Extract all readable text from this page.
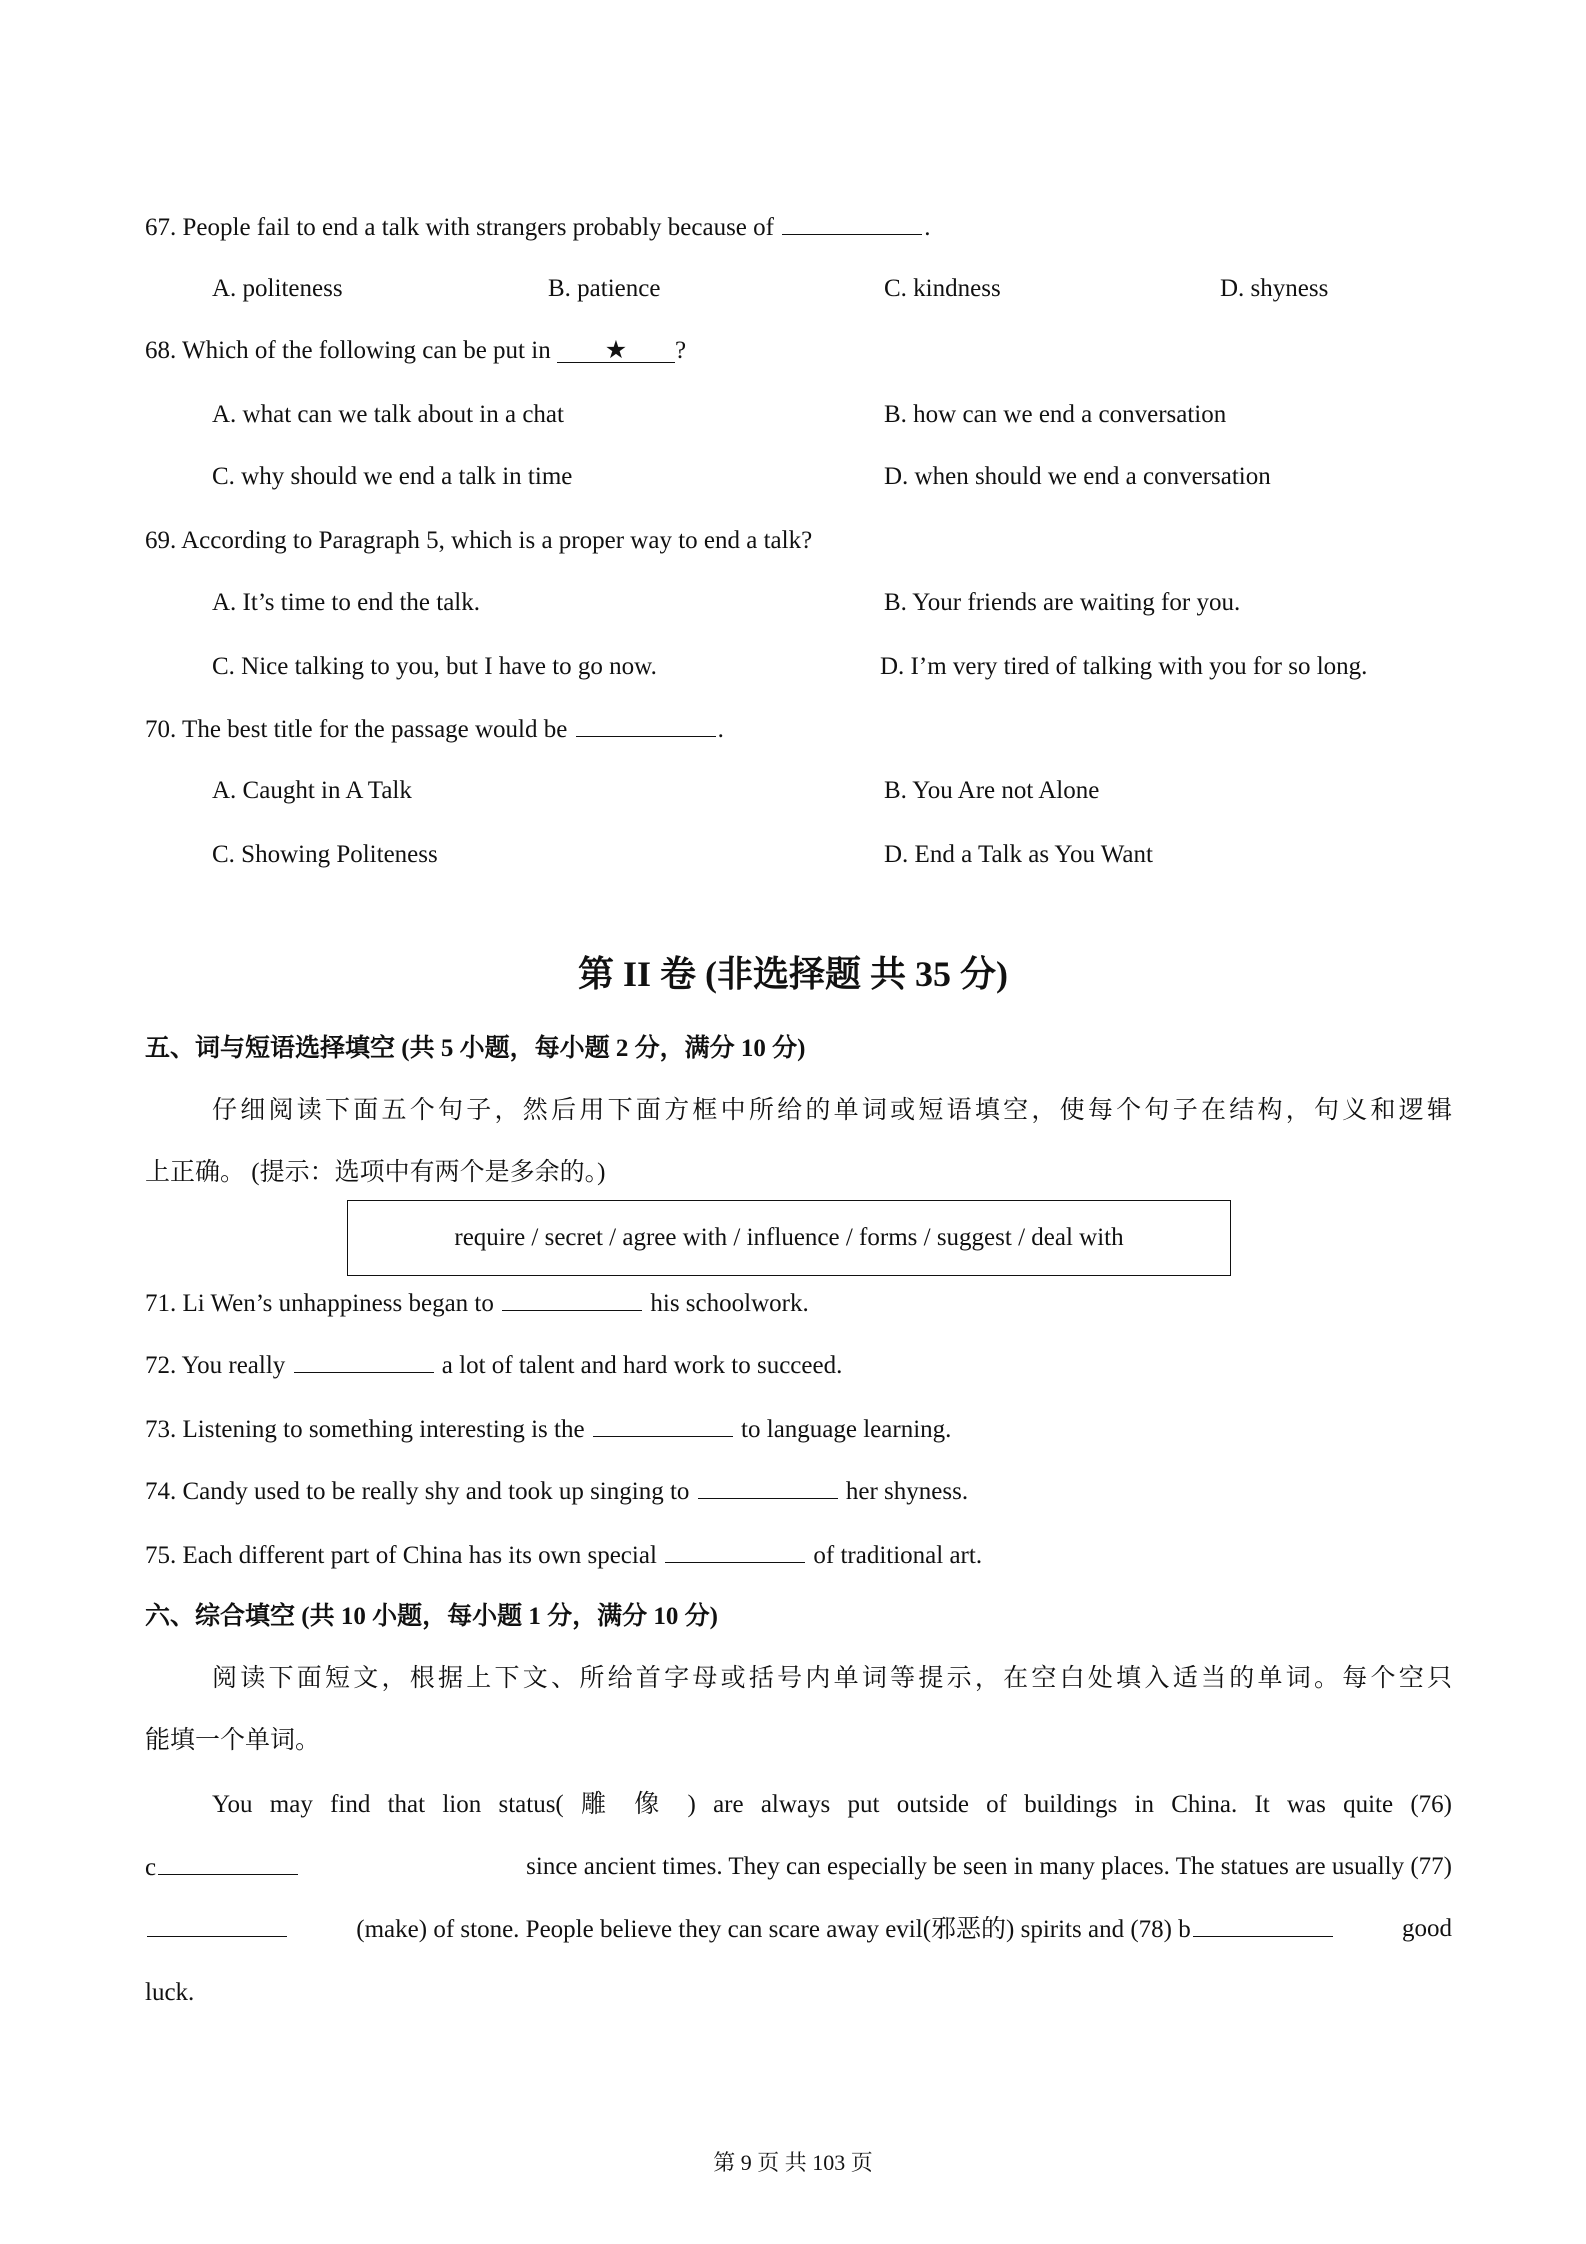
67. People fail to end a talk with strangers probably because of	.
A. politeness	B. patience	C. kindness	D. shyness
68. Which of the following can be put in ★ ?
A. what can we talk about in a chat	B. how can we end a conversation
C. why should we end a talk in time	D. when should we end a conversation
69. According to Paragraph 5, which is a proper way to end a talk?
A. It’s time to end the talk.	B. Your friends are waiting for you.
C. Nice talking to you, but I have to go now.	D. I’m very tired of talking with you for so long.
70. The best title for the passage would be	.
A. Caught in A Talk	B. You Are not Alone
C. Showing Politeness	D. End a Talk as You Want
第 II 卷 (非选择题 共 35 分)
五、词与短语选择填空 (共 5 小题，每小题 2 分，满分 10 分)
仔细阅读下面五个句子，然后用下面方框中所给的单词或短语填空，使每个句子在结构，句义和逻辑
上正确。 (提示：选项中有两个是多余的。)
require / secret / agree with / influence / forms / suggest / deal with
71. Li Wen’s unhappiness began to	his schoolwork.
72. You really	a lot of talent and hard work to succeed.
73. Listening to something interesting is the	to language learning.
74. Candy used to be really shy and took up singing to	her shyness.
75. Each different part of China has its own special	of traditional art.
六、综合填空 (共 10 小题，每小题 1 分，满分 10 分)
阅读下面短文，根据上下文、所给首字母或括号内单词等提示，在空白处填入适当的单词。每个空只
能填一个单词。
You may find that lion status( 雕 像 ) are always put outside of buildings in China. It was quite (76)
c	since ancient times. They can especially be seen in many places. The statues are usually (77)
(make) of stone. People believe they can scare away evil(邪恶的) spirits and (78) b	good
luck.
第 9 页 共 103 页
